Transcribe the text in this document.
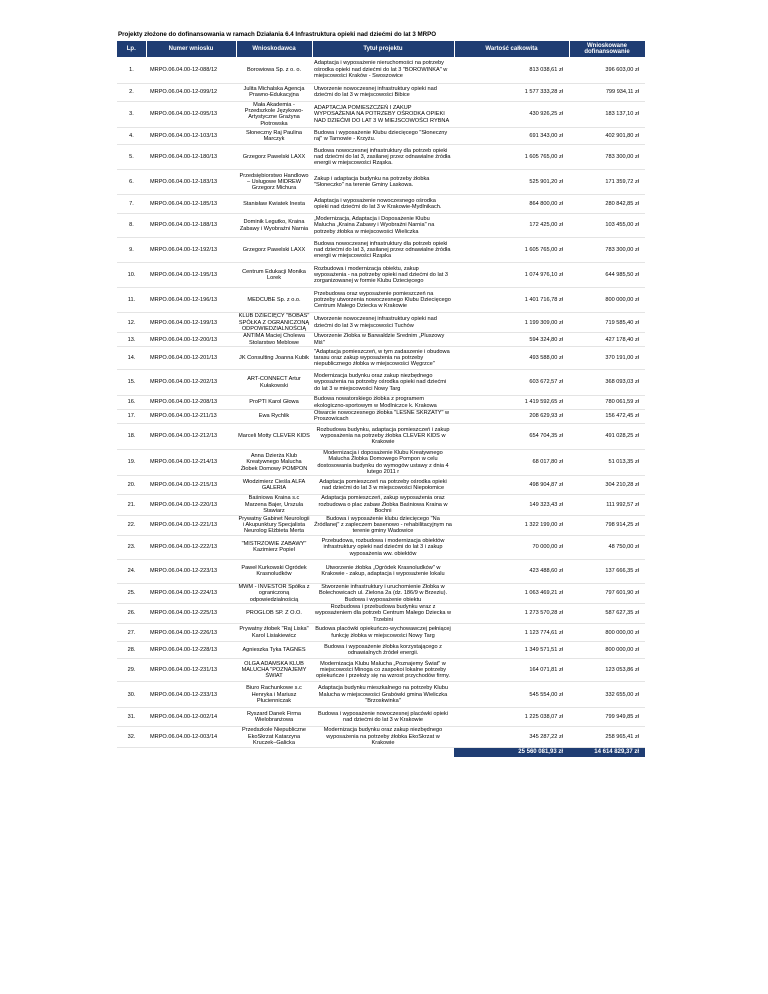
Projekty złożone do dofinansowania w ramach Działania 6.4 Infrastruktura opieki nad dziećmi do lat 3 MRPO
Lp.	Numer wniosku	Wnioskodawca	Tytuł projektu	Wartość całkowita	Wnioskowane dofinansowanie
1.	MRPO.06.04.00-12-088/12	Borowiowa Sp. z o. o.	Adaptacja i wyposażenie nieruchomości na potrzeby ośrodka opieki nad dziećmi do lat 3 "BOROWINKA" w miejscowości Kraków - Swoszowice	813 038,61 zł	396 603,00 zł
2.	MRPO.06.04.00-12-099/12	Julita Michalska Agencja Prawno-Edukacyjna	Utworzenie nowoczesnej infrastruktury opieki nad dziećmi do lat 3 w miejscowości Bibice	1 577 333,28 zł	799 934,11 zł
3.	MRPO.06.04.00-12-095/13	Mała Akademia - Przedszkole Językowo-Artystyczne Grażyna Piotrowska	ADAPTACJA POMIESZCZEŃ I ZAKUP WYPOSAŻENIA NA POTRZEBY OŚRODKA OPIEKI NAD DZIEĆMI DO LAT 3 W MIEJSCOWOŚCI RYBNA	430 926,25 zł	183 137,10 zł
4.	MRPO.06.04.00-12-103/13	Słoneczny Raj Paulina Marczyk	Budowa i wyposażenie Klubu dziecięcego "Słoneczny raj" w Tarnowie - Krzyżu.	691 343,00 zł	402 901,80 zł
5.	MRPO.06.04.00-12-180/13	Grzegorz Pawelski LAXX	Budowa nowoczesnej infrastruktury dla potrzeb opieki nad dziećmi do lat 3, zasilanej przez odnawialne źródła energii w miejscowości Rząska.	1 605 765,00 zł	783 300,00 zł
6.	MRPO.06.04.00-12-183/13	Przedsiębiorstwo Handlowo – Usługowe MIDREW Grzegorz Michura	Zakup i adaptacja budynku na potrzeby żłobka "Słoneczko" na terenie Gminy Laskowa.	525 901,20 zł	171 359,72 zł
7.	MRPO.06.04.00-12-185/13	Stanisław Kwiatek Inesta	Adaptacja i wyposażenie nowoczesnego ośrodka opieki nad dziećmi do lat 3 w Krakowie-Mydlnikach.	864 800,00 zł	280 842,85 zł
8.	MRPO.06.04.00-12-188/13	Dominik Legutko, Kraina Zabawy i Wyobraźni Narnia	„Modernizacja, Adaptacja i Doposażenie Klubu Malucha „Kraina Zabawy i Wyobraźni Narnia" na potrzeby żłobka w miejscowości Wieliczka	172 425,00 zł	103 455,00 zł
9.	MRPO.06.04.00-12-192/13	Grzegorz Pawelski LAXX	Budowa nowoczesnej infrastruktury dla potrzeb opieki nad dziećmi do lat 3, zasilanej przez odnawialne źródła energii w miejscowości Rząska	1 605 765,00 zł	783 300,00 zł
10.	MRPO.06.04.00-12-195/13	Centrum Edukacji Monika Lorek	Rozbudowa i modernizacja obiektu, zakup wyposażenia - na potrzeby opieki nad dziećmi do lat 3 zorganizowanej w formie Klubu Dziecięcego	1 074 976,10 zł	644 985,50 zł
11.	MRPO.06.04.00-12-196/13	MEDCUBE Sp. z o.o.	Przebudowa oraz wyposażenie pomieszczeń na potrzeby utworzenia nowoczesnego Klubu Dziecięcego Centrum Małego Dziecka w Krakowie	1 401 716,78 zł	800 000,00 zł
12.	MRPO.06.04.00-12-199/13	KLUB DZIECIĘCY "BOBAS" SPÓŁKA Z OGRANICZONĄ ODPOWIEDZIALNOŚCIĄ	Utworzenie nowoczesnej infrastruktury opieki nad dziećmi do lat 3 w miejscowości Tuchów	1 199 309,00 zł	719 585,40 zł
13.	MRPO.06.04.00-12-200/13	ANTIMA Maciej Cholewa Stolarstwo Meblowe	Utworzenie Żłobka w Barwałdzie Średnim „Pluszowy Miś"	594 324,80 zł	427 178,40 zł
14.	MRPO.06.04.00-12-201/13	JK Consulting Joanna Kubik	"Adaptacja pomieszczeń, w tym zadaszenie i obudowa tarasu oraz zakup wyposażenia na potrzeby niepublicznego żłobka w miejscowości Węgrzce"	493 588,00 zł	370 191,00 zł
15.	MRPO.06.04.00-12-202/13	ART-CONNECT Artur Kułakowski	Modernizacja budynku oraz zakup niezbędnego wyposażenia na potrzeby ośrodka opieki nad dziećmi do lat 3 w miejscowości Nowy Targ	603 672,57 zł	368 093,03 zł
16.	MRPO.06.04.00-12-208/13	ProPTI Karol Głowa	Budowa nowatorskiego żłobka z programem ekologiczno-sportowym w Modlniczce k. Krakowa	1 419 592,65 zł	780 061,59 zł
17.	MRPO.06.04.00-12-211/13	Ewa Rychlik	Otwarcie nowoczesnego żłobka "LEŚNE SKRZATY" w Proszowicach	208 629,93 zł	156 472,45 zł
18.	MRPO.06.04.00-12-212/13	Marceli Motty CLEVER KIDS	Rozbudowa budynku, adaptacja pomieszczeń i zakup wyposażenia na potrzeby żłobka CLEVER KIDS w Krakowie	654 704,35 zł	491 028,25 zł
19.	MRPO.06.04.00-12-214/13	Anna Dzierża Klub Kreatywnego Malucha Żłobek Domowy POMPON	Modernizacja i doposażenie Klubu Kreatywnego Malucha Żłobka Domowego Pompon w celu dostosowania budynku do wymogów ustawy z dnia 4 lutego 2011 r	68 017,80 zł	51 013,35 zł
20.	MRPO.06.04.00-12-215/13	Włodzimierz Cieśla ALFA GALERIA	Adaptacja pomieszczeń na potrzeby ośrodka opieki nad dziećmi do lat 3 w miejscowości Niepołomice	498 904,87 zł	304 210,28 zł
21.	MRPO.06.04.00-12-220/13	Baśniowa Kraina s.c Marzena Bajer, Urszula Stawiarz	Adaptacja pomieszczeń, zakup wyposażenia oraz rozbudowa o plac zabaw Żłobka Baśniowa Kraina w Bochni	149 323,43 zł	111 992,57 zł
22.	MRPO.06.04.00-12-221/13	Prywatny Gabinet Neurologii i Akupunktury Specjalista Neurolog Elżbieta Merta	Budowa i wyposażenie klubu dziecięcego "Na Źródlanej" z zapleczem basenowo - rehabilitacyjnym na terenie gminy Wadowice	1 322 199,00 zł	798 914,25 zł
23.	MRPO.06.04.00-12-222/13	"MISTRZOWIE ZABAWY" Kazimierz Popiel	Przebudowa, rozbudowa i modernizacja obiektów infrastruktury opieki nad dziećmi do lat 3 i zakup wyposażenia ww. obiektów	70 000,00 zł	48 750,00 zł
24.	MRPO.06.04.00-12-223/13	Paweł Kurkowski Ogródek Krasnoludków	Utworzenie żłobka „Ogródek Krasnoludków" w Krakowie - zakup, adaptacja i wyposażenie lokalu	423 488,60 zł	137 666,35 zł
25.	MRPO.06.04.00-12-224/13	MWM - INVESTOR Spółka z ograniczoną odpowiedzialnością	Stworzenie infrastruktury i uruchomienie Żłobka w Bolechowicach ul. Zielona 2a (dz. 186/9 w Brzeziu). Budowa i wyposażenie obiektu	1 063 469,21 zł	797 601,90 zł
26.	MRPO.06.04.00-12-225/13	PROGLOB SP. Z O.O.	Rozbudowa i przebudowa budynku wraz z wyposażeniem dla potrzeb Centrum Małego Dziecka w Trzebini	1 273 570,28 zł	587 627,35 zł
27.	MRPO.06.04.00-12-226/13	Prywatny żłobek "Raj Liska" Karol Lisiakiewicz	Budowa placówki opiekuńczo-wychowawczej pełniącej funkcję żłobka w miejscowości Nowy Targ	1 123 774,61 zł	800 000,00 zł
28.	MRPO.06.04.00-12-228/13	Agnieszka Tyka TAGNES	Budowa i wyposażenie żłobka korzystającego z odnawialnych źródeł energii.	1 349 571,51 zł	800 000,00 zł
29.	MRPO.06.04.00-12-231/13	OLGA ADAMSKA KLUB MALUCHA "POZNAJEMY ŚWIAT	Modernizacja Klubu Malucha „Poznajemy Świat" w miejscowości Minoga co zaspokoi lokalne potrzeby opiekuńcze i przełoży się na wzrost przychodów firmy.	164 071,81 zł	123 053,86 zł
30.	MRPO.06.04.00-12-233/13	Biuro Rachunkowe s.c Henryka i Mariusz Płucienniczak	Adaptacja budynku mieszkalnego na potrzeby Klubu Malucha w miejscowości Grabówki gmina Wieliczka "Brzoskwinka"	545 554,00 zł	332 655,00 zł
31.	MRPO.06.04.00-12-002/14	Ryszard Danek Firma Wielobranżowa	Budowa i wyposażenie nowoczesnej placówki opieki nad dziećmi do lat 3 w Krakowie	1 225 038,07 zł	799 949,85 zł
32.	MRPO.06.04.00-12-003/14	Przedszkole Niepubliczne EkoSkrzat Katarzyna Kruczek–Galicka	Modernizacja budynku oraz zakup niezbędnego wyposażenia na potrzeby żłobka EkoSkrzat w Krakowie	345 287,22 zł	258 965,41 zł
				25 560 081,93 zł	14 614 829,37 zł
